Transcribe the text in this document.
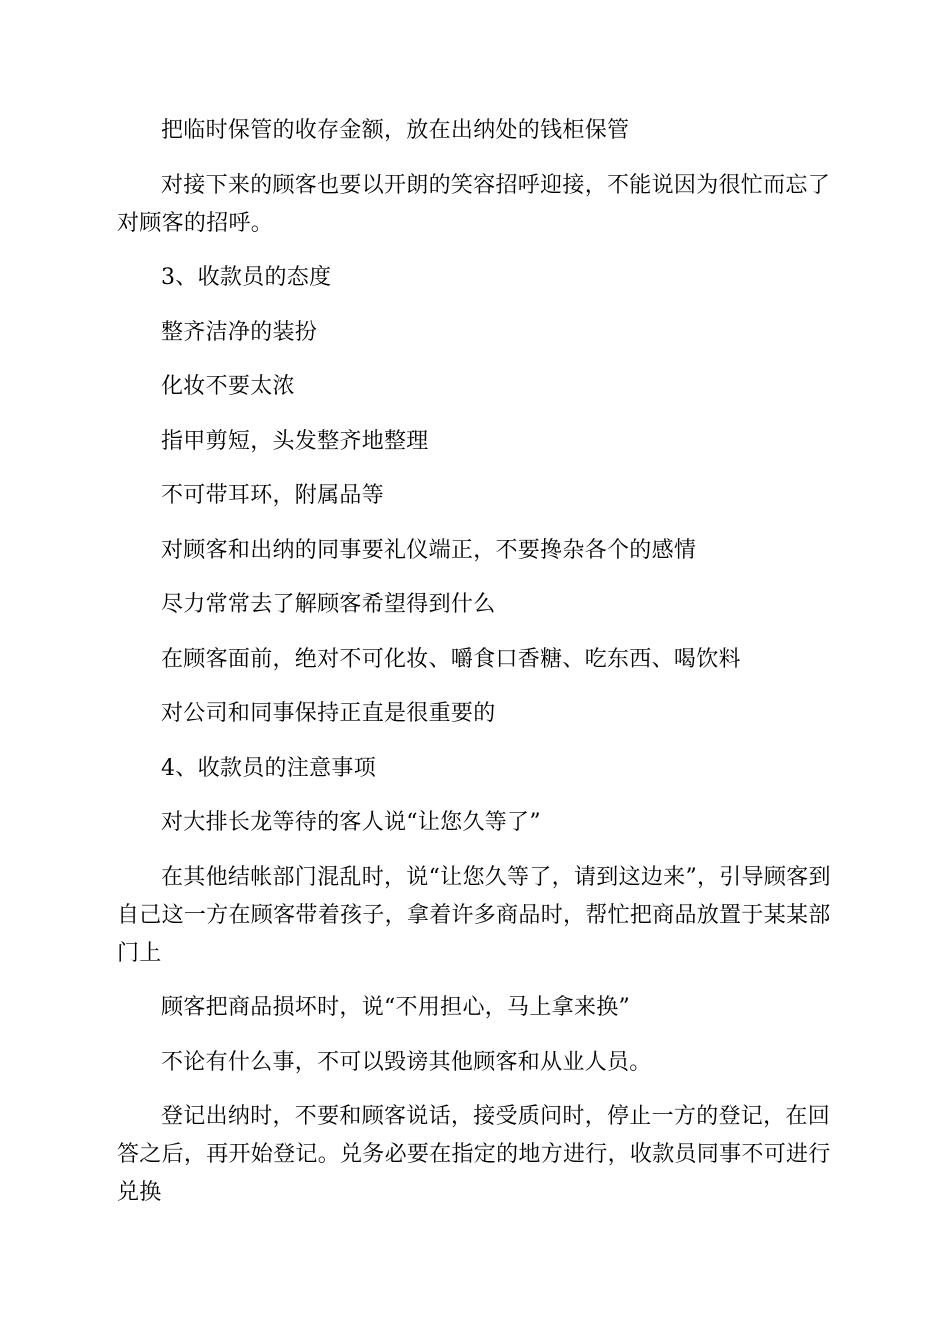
把临时保管的收存金额，放在出纳处的钱柜保管

对接下来的顾客也要以开朗的笑容招呼迎接，不能说因为很忙而忘了对顾客的招呼。

3、收款员的态度

整齐洁净的装扮

化妆不要太浓

指甲剪短，头发整齐地整理

不可带耳环，附属品等

对顾客和出纳的同事要礼仪端正，不要搀杂各个的感情

尽力常常去了解顾客希望得到什么

在顾客面前，绝对不可化妆、嚼食口香糖、吃东西、喝饮料

对公司和同事保持正直是很重要的

4、收款员的注意事项

对大排长龙等待的客人说“让您久等了”

在其他结帐部门混乱时，说“让您久等了，请到这边来”，引导顾客到自己这一方在顾客带着孩子，拿着许多商品时，帮忙把商品放置于某某部门上

顾客把商品损坏时，说“不用担心，马上拿来换”

不论有什么事，不可以毁谤其他顾客和从业人员。

登记出纳时，不要和顾客说话，接受质问时，停止一方的登记，在回答之后，再开始登记。兑务必要在指定的地方进行，收款员同事不可进行兑换
